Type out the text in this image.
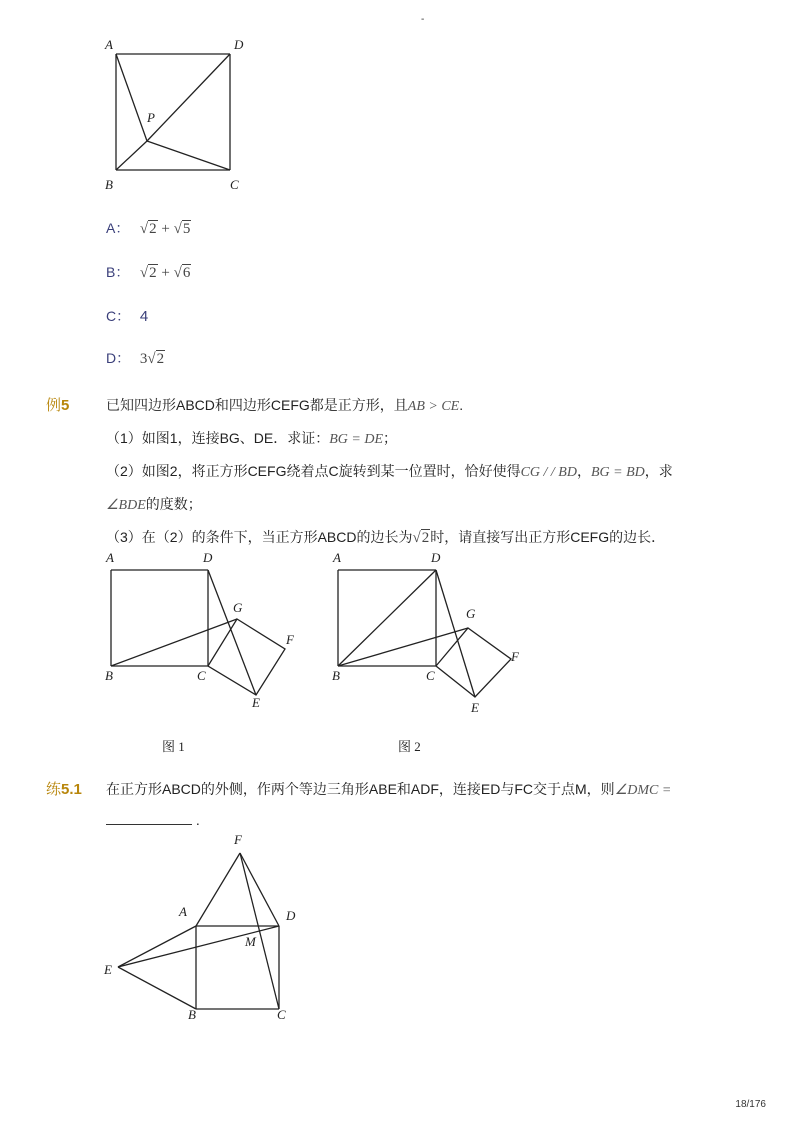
-
A	D
P
B	C
A： √2 + √5
B： √2 + √6
C： 4
D： 3√2
例5	已知四边形ABCD和四边形CEFG都是正方形，且AB > CE.
（1）如图1，连接BG、DE．求证：BG = DE；
（2）如图2，将正方形CEFG绕着点C旋转到某一位置时，恰好使得CG / / BD，BG = BD，求
∠BDE的度数；
（3）在（2）的条件下，当正方形ABCD的边长为√2时，请直接写出正方形CEFG的边长．
A	D
G
F
B	C
E
A	D
G
F
B	C
E
图 1	图 2
练5.1 在正方形ABCD的外侧，作两个等边三角形ABE和ADF，连接ED与FC交于点M，则∠DMC =
.
F
A	D
M
E
B	C
18/176
